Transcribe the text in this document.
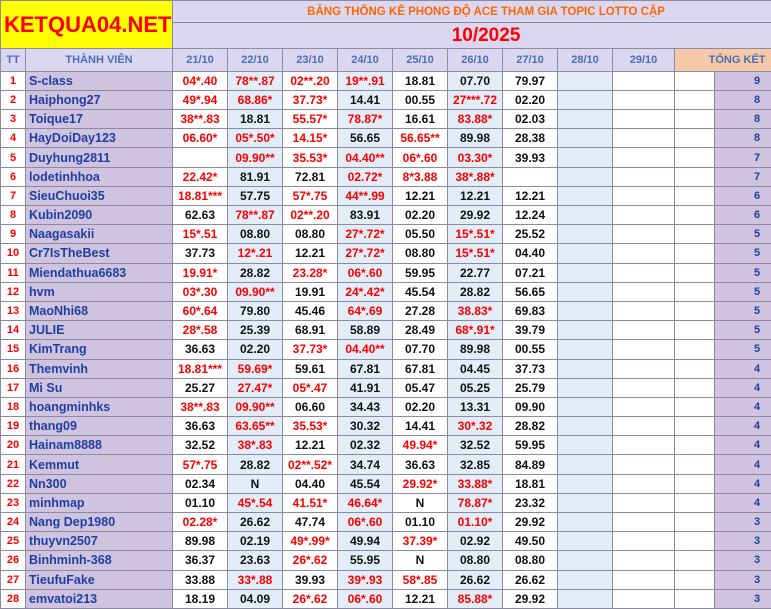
KETQUA04.NET		BẢNG THỐNG KÊ PHONG ĐỘ ACE THAM GIA TOPIC LOTTO CẶP											
		10/2025											
TT	THÀNH VIÊN	21/10	22/10	23/10	24/10	25/10	26/10	27/10	28/10	29/10	TỔNG KẾT		
1	S-class	04*.40	78**.87	02**.20	19**.91	18.81	07.70	79.97				9	
2	Haiphong27	49*.94	68.86*	37.73*	14.41	00.55	27***.72	02.20				8	
3	Toique17	38**.83	18.81	55.57*	78.87*	16.61	83.88*	02.03				8	
4	HayDoiDay123	06.60*	05*.50*	14.15*	56.65	56.65**	89.98	28.38				8	
5	Duyhung2811		09.90**	35.53*	04.40**	06*.60	03.30*	39.93				7	
6	lodetinhhoa	22.42*	81.91	72.81	02.72*	8*3.88	38*.88*					7	
7	SieuChuoi35	18.81***	57.75	57*.75	44**.99	12.21	12.21	12.21				6	
8	Kubin2090	62.63	78**.87	02**.20	83.91	02.20	29.92	12.24				6	
9	Naagasakii	15*.51	08.80	08.80	27*.72*	05.50	15*.51*	25.52				5	
10	Cr7IsTheBest	37.73	12*.21	12.21	27*.72*	08.80	15*.51*	04.40				5	
11	Miendathua6683	19.91*	28.82	23.28*	06*.60	59.95	22.77	07.21				5	
12	hvm	03*.30	09.90**	19.91	24*.42*	45.54	28.82	56.65				5	
13	MaoNhi68	60*.64	79.80	45.46	64*.69	27.28	38.83*	69.83				5	
14	JULIE	28*.58	25.39	68.91	58.89	28.49	68*.91*	39.79				5	
15	KimTrang	36.63	02.20	37.73*	04.40**	07.70	89.98	00.55				5	
16	Themvinh	18.81***	59.69*	59.61	67.81	67.81	04.45	37.73				4	
17	Mi Su	25.27	27.47*	05*.47	41.91	05.47	05.25	25.79				4	
18	hoangminhks	38**.83	09.90**	06.60	34.43	02.20	13.31	09.90				4	
19	thang09	36.63	63.65**	35.53*	30.32	14.41	30*.32	28.82				4	
20	Hainam8888	32.52	38*.83	12.21	02.32	49.94*	32.52	59.95				4	
21	Kemmut	57*.75	28.82	02**.52*	34.74	36.63	32.85	84.89				4	
22	Nn300	02.34	N	04.40	45.54	29.92*	33.88*	18.81				4	
23	minhmap	01.10	45*.54	41.51*	46.64*	N	78.87*	23.32				4	
24	Nang Dep1980	02.28*	26.62	47.74	06*.60	01.10	01.10*	29.92				3	
25	thuyvn2507	89.98	02.19	49*.99*	49.94	37.39*	02.92	49.50				3	
26	Binhminh-368	36.37	23.63	26*.62	55.95	N	08.80	08.80				3	
27	TieufuFake	33.88	33*.88	39.93	39*.93	58*.85	26.62	26.62				3	
28	emvatoi213	18.19	04.09	26*.62	06*.60	12.21	85.88*	29.92				3	
